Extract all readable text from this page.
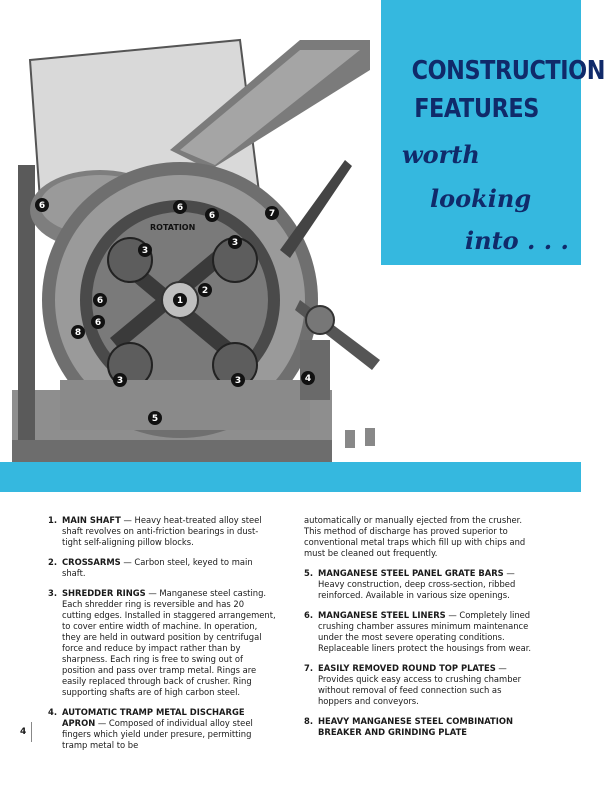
ROTATION
1
2
3
3	3
3
4
5
6
6
6
6
6
7
8
CONSTRUCTION
FEATURES
worth
looking
into . . .
1. MAIN SHAFT — Heavy heat-treated alloy steel shaft revolves on anti-friction bearings in dust-tight self-aligning pillow blocks.
2. CROSSARMS — Carbon steel, keyed to main shaft.
3. SHREDDER RINGS — Manganese steel casting. Each shredder ring is reversible and has 20 cutting edges. Installed in staggered arrangement, to cover entire width of machine. In operation, they are held in outward position by centrifugal force and reduce by impact rather than by sharpness. Each ring is free to swing out of position and pass over tramp metal. Rings are easily replaced through back of crusher. Ring supporting shafts are of high carbon steel.
4. AUTOMATIC TRAMP METAL DISCHARGE APRON — Composed of individual alloy steel fingers which yield under presure, permitting tramp metal to be
automatically or manually ejected from the crusher. This method of discharge has proved superior to conventional metal traps which fill up with chips and must be cleaned out frequently.
5. MANGANESE STEEL PANEL GRATE BARS — Heavy construction, deep cross-section, ribbed reinforced. Available in various size openings.
6. MANGANESE STEEL LINERS — Completely lined crushing chamber assures minimum maintenance under the most severe operating conditions. Replaceable liners protect the housings from wear.
7. EASILY REMOVED ROUND TOP PLATES — Provides quick easy access to crushing chamber without removal of feed connection such as hoppers and conveyors.
8. HEAVY MANGANESE STEEL COMBINATION BREAKER AND GRINDING PLATE
4
